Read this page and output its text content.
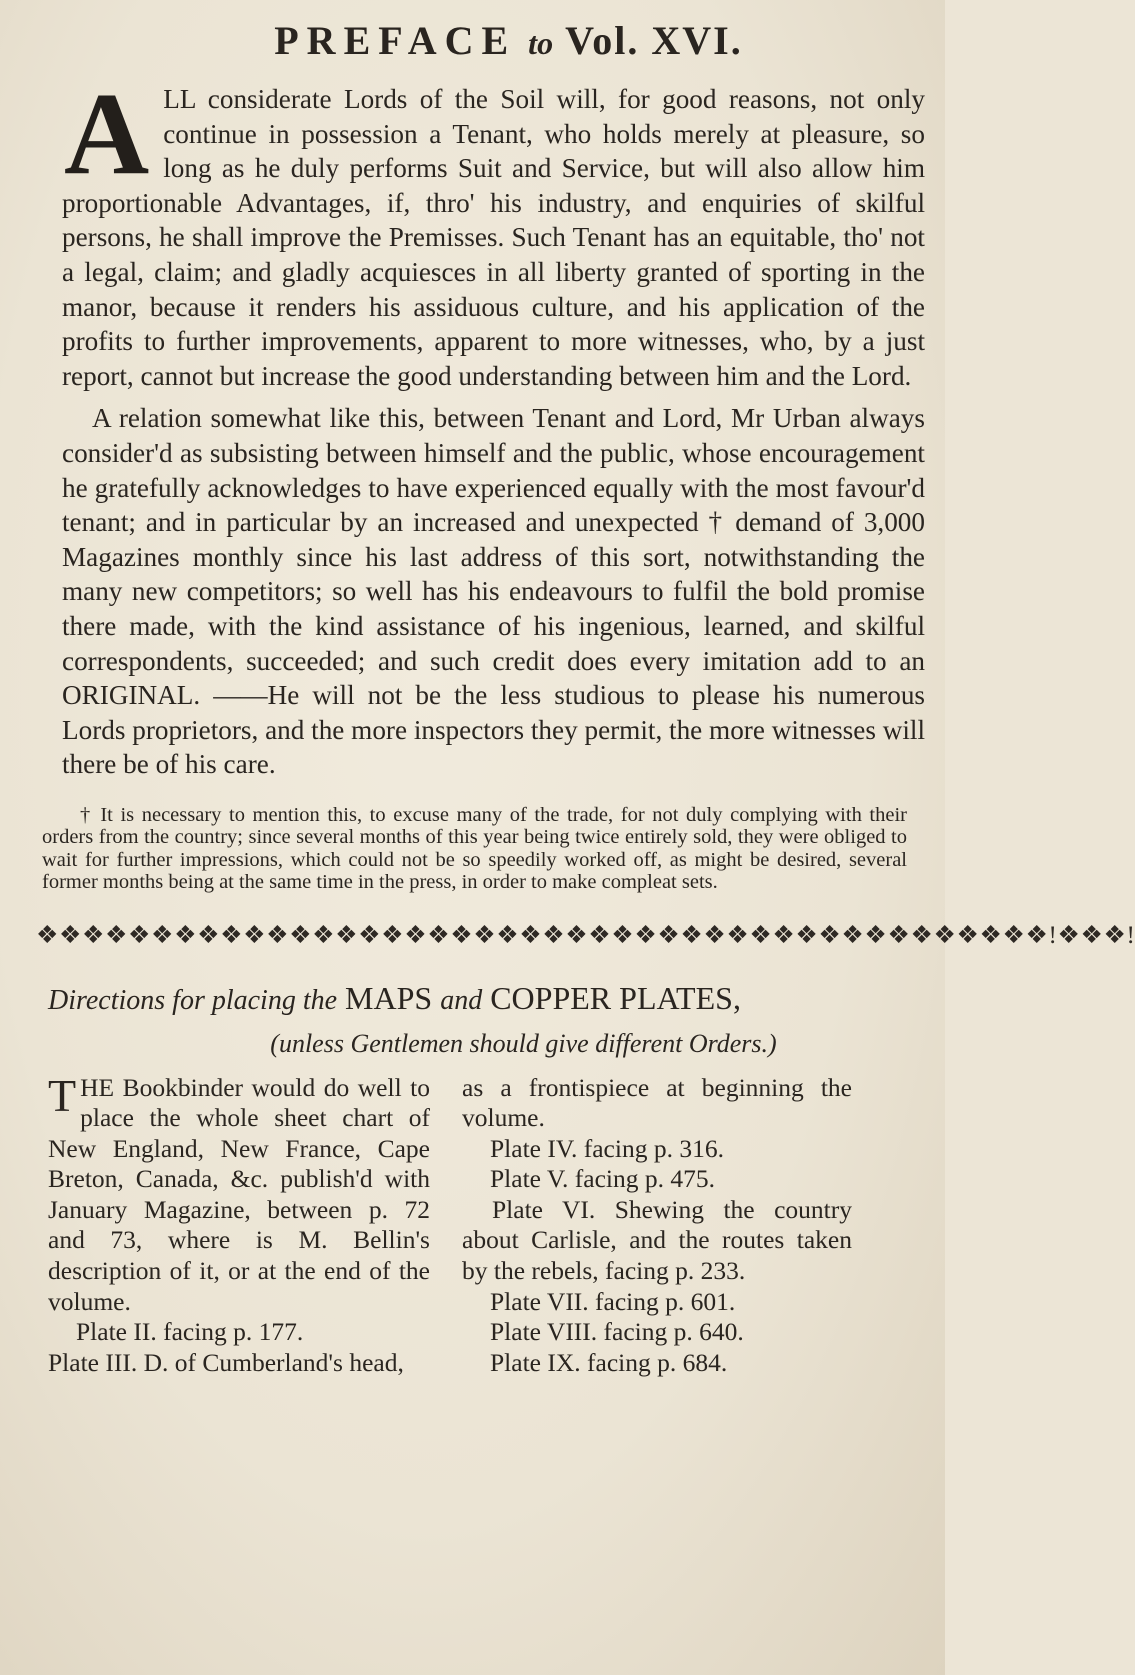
PREFACE to Vol. XVI.

A LL considerate Lords of the Soil will, for good reasons, not only continue in possession a Tenant, who holds merely at pleasure, so long as he duly performs Suit and Service, but will also allow him proportionable Advantages, if, thro' his industry, and enquiries of skilful persons, he shall improve the Premisses. Such Tenant has an equitable, tho' not a legal, claim; and gladly acquiesces in all liberty granted of sporting in the manor, because it renders his assiduous culture, and his application of the profits to further improvements, apparent to more witnesses, who, by a just report, cannot but increase the good understanding between him and the Lord.

A relation somewhat like this, between Tenant and Lord, Mr Urban always consider'd as subsisting between himself and the public, whose encouragement he gratefully acknowledges to have experienced equally with the most favour'd tenant; and in particular by an increased and unexpected † demand of 3,000 Magazines monthly since his last address of this sort, notwithstanding the many new competitors; so well has his endeavours to fulfil the bold promise there made, with the kind assistance of his ingenious, learned, and skilful correspondents, succeeded; and such credit does every imitation add to an ORIGINAL. ——He will not be the less studious to please his numerous Lords proprietors, and the more inspectors they permit, the more witnesses will there be of his care.

† It is necessary to mention this, to excuse many of the trade, for not duly complying with their orders from the country; since several months of this year being twice entirely sold, they were obliged to wait for further impressions, which could not be so speedily worked off, as might be desired, several former months being at the same time in the press, in order to make compleat sets.

❖❖❖❖❖❖❖❖❖❖❖❖❖❖❖❖❖❖❖❖❖❖❖❖❖❖❖❖❖❖❖❖❖❖❖❖❖❖❖❖❖❖❖❖!❖❖❖!
Directions for placing the MAPS and COPPER PLATES,
(unless Gentlemen should give different Orders.)

THE Bookbinder would do well to place the whole sheet chart of New England, New France, Cape Breton, Canada, &c. publish'd with January Magazine, between p. 72 and 73, where is M. Bellin's description of it, or at the end of the volume.

Plate II. facing p. 177.

Plate III. D. of Cumberland's head,

as a frontispiece at beginning the volume.

Plate IV. facing p. 316.

Plate V. facing p. 475.

Plate VI. Shewing the country about Carlisle, and the routes taken by the rebels, facing p. 233.

Plate VII. facing p. 601.

Plate VIII. facing p. 640.

Plate IX. facing p. 684.
